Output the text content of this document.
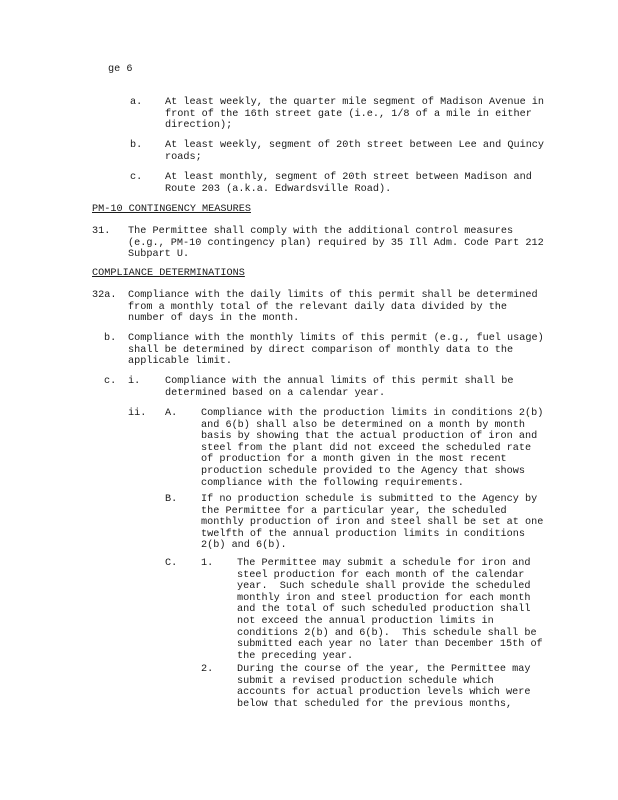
ge 6
a. At least weekly, the quarter mile segment of Madison Avenue in
front of the 16th street gate (i.e., 1/8 of a mile in either
direction);
b. At least weekly, segment of 20th street between Lee and Quincy
roads;
c. At least monthly, segment of 20th street between Madison and
Route 203 (a.k.a. Edwardsville Road).
PM-10 CONTINGENCY MEASURES
31. The Permittee shall comply with the additional control measures
(e.g., PM-10 contingency plan) required by 35 Ill Adm. Code Part 212
Subpart U.
COMPLIANCE DETERMINATIONS
32a. Compliance with the daily limits of this permit shall be determined
from a monthly total of the relevant daily data divided by the
number of days in the month.
b. Compliance with the monthly limits of this permit (e.g., fuel usage)
shall be determined by direct comparison of monthly data to the
applicable limit.
c. i. Compliance with the annual limits of this permit shall be
determined based on a calendar year.
ii. A. Compliance with the production limits in conditions 2(b)
and 6(b) shall also be determined on a month by month
basis by showing that the actual production of iron and
steel from the plant did not exceed the scheduled rate
of production for a month given in the most recent
production schedule provided to the Agency that shows
compliance with the following requirements.
B. If no production schedule is submitted to the Agency by
the Permittee for a particular year, the scheduled
monthly production of iron and steel shall be set at one
twelfth of the annual production limits in conditions
2(b) and 6(b).
C. 1. The Permittee may submit a schedule for iron and
steel production for each month of the calendar
year.  Such schedule shall provide the scheduled
monthly iron and steel production for each month
and the total of such scheduled production shall
not exceed the annual production limits in
conditions 2(b) and 6(b).  This schedule shall be
submitted each year no later than December 15th of
the preceding year.
2. During the course of the year, the Permittee may
submit a revised production schedule which
accounts for actual production levels which were
below that scheduled for the previous months,
